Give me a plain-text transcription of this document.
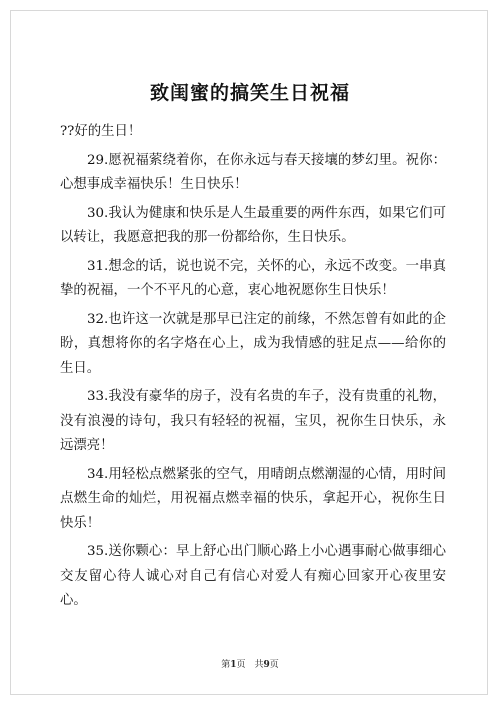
致闺蜜的搞笑生日祝福

??好的生日！

29.愿祝福萦绕着你，在你永远与春天接壤的梦幻里。祝你：心想事成幸福快乐！生日快乐！

30.我认为健康和快乐是人生最重要的两件东西，如果它们可以转让，我愿意把我的那一份都给你，生日快乐。

31.想念的话，说也说不完，关怀的心，永远不改变。一串真挚的祝福，一个不平凡的心意，衷心地祝愿你生日快乐！

32.也许这一次就是那早已注定的前缘，不然怎曾有如此的企盼，真想将你的名字烙在心上，成为我情感的驻足点——给你的生日。

33.我没有豪华的房子，没有名贵的车子，没有贵重的礼物，没有浪漫的诗句，我只有轻轻的祝福，宝贝，祝你生日快乐，永远漂亮！

34.用轻松点燃紧张的空气，用晴朗点燃潮湿的心情，用时间点燃生命的灿烂，用祝福点燃幸福的快乐，拿起开心，祝你生日快乐！

35.送你颗心：早上舒心出门顺心路上小心遇事耐心做事细心交友留心待人诚心对自己有信心对爱人有痴心回家开心夜里安心。

第1页　共9页
